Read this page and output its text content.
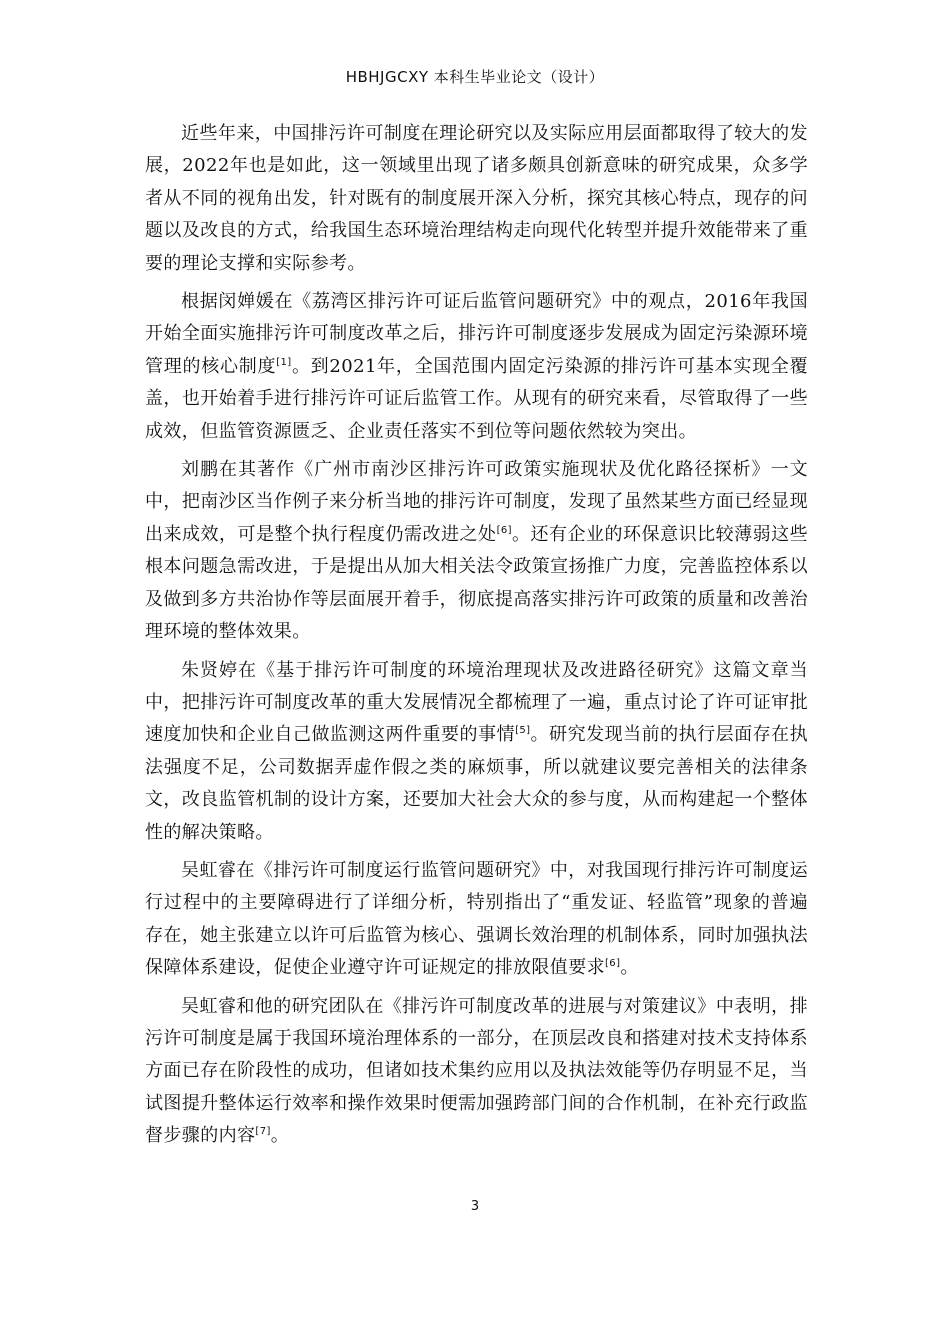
HBHJGCXY 本科生毕业论文（设计）

近些年来，中国排污许可制度在理论研究以及实际应用层面都取得了较大的发展，2022年也是如此，这一领域里出现了诸多颇具创新意味的研究成果，众多学者从不同的视角出发，针对既有的制度展开深入分析，探究其核心特点，现存的问题以及改良的方式，给我国生态环境治理结构走向现代化转型并提升效能带来了重要的理论支撑和实际参考。

根据闵婵媛在《荔湾区排污许可证后监管问题研究》中的观点，2016年我国开始全面实施排污许可制度改革之后，排污许可制度逐步发展成为固定污染源环境管理的核心制度[1]。到2021年，全国范围内固定污染源的排污许可基本实现全覆盖，也开始着手进行排污许可证后监管工作。从现有的研究来看，尽管取得了一些成效，但监管资源匮乏、企业责任落实不到位等问题依然较为突出。

刘鹏在其著作《广州市南沙区排污许可政策实施现状及优化路径探析》一文中，把南沙区当作例子来分析当地的排污许可制度，发现了虽然某些方面已经显现出来成效，可是整个执行程度仍需改进之处[6]。还有企业的环保意识比较薄弱这些根本问题急需改进，于是提出从加大相关法令政策宣扬推广力度，完善监控体系以及做到多方共治协作等层面展开着手，彻底提高落实排污许可政策的质量和改善治理环境的整体效果。

朱贤婷在《基于排污许可制度的环境治理现状及改进路径研究》这篇文章当中，把排污许可制度改革的重大发展情况全都梳理了一遍，重点讨论了许可证审批速度加快和企业自己做监测这两件重要的事情[5]。研究发现当前的执行层面存在执法强度不足，公司数据弄虚作假之类的麻烦事，所以就建议要完善相关的法律条文，改良监管机制的设计方案，还要加大社会大众的参与度，从而构建起一个整体性的解决策略。

吴虹睿在《排污许可制度运行监管问题研究》中，对我国现行排污许可制度运行过程中的主要障碍进行了详细分析，特别指出了“重发证、轻监管”现象的普遍存在，她主张建立以许可后监管为核心、强调长效治理的机制体系，同时加强执法保障体系建设，促使企业遵守许可证规定的排放限值要求[6]。

吴虹睿和他的研究团队在《排污许可制度改革的进展与对策建议》中表明，排污许可制度是属于我国环境治理体系的一部分，在顶层改良和搭建对技术支持体系方面已存在阶段性的成功，但诸如技术集约应用以及执法效能等仍存明显不足，当试图提升整体运行效率和操作效果时便需加强跨部门间的合作机制，在补充行政监督步骤的内容[7]。

3
